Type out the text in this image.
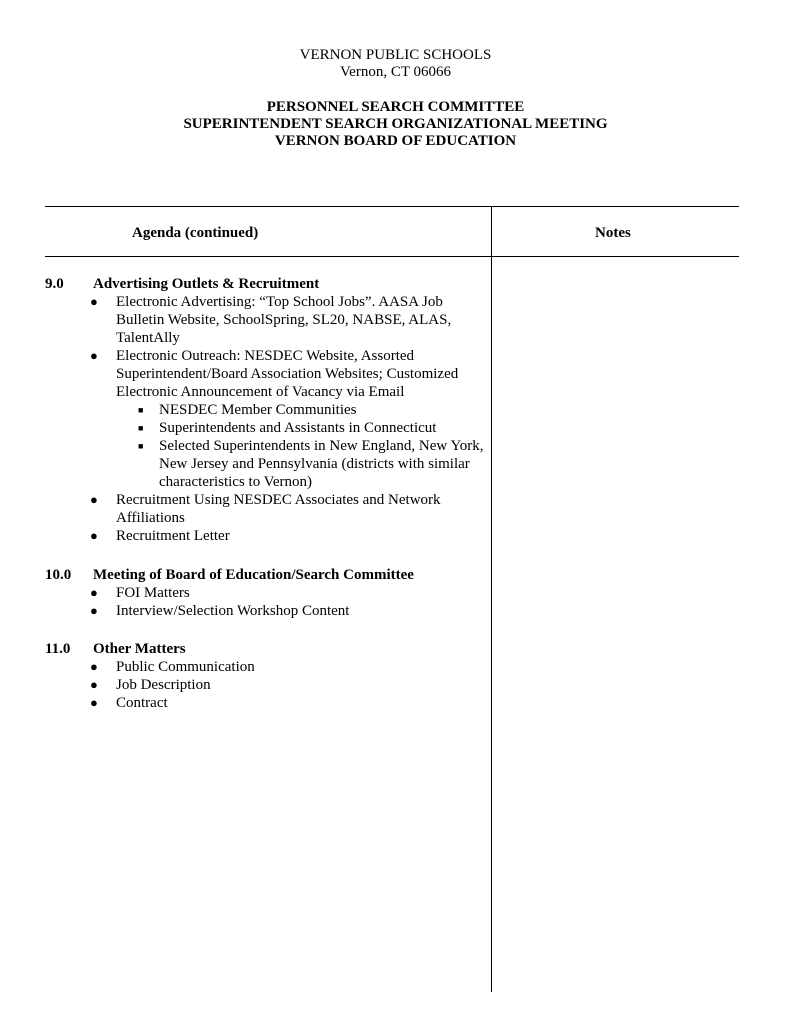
VERNON PUBLIC SCHOOLS
Vernon, CT 06066
PERSONNEL SEARCH COMMITTEE
SUPERINTENDENT SEARCH ORGANIZATIONAL MEETING
VERNON BOARD OF EDUCATION
Agenda (continued)	Notes
9.0 Advertising Outlets & Recruitment

● Electronic Advertising: “Top School Jobs”. AASA Job Bulletin Website, SchoolSpring, SL20, NABSE, ALAS, TalentAlly
● Electronic Outreach: NESDEC Website, Assorted Superintendent/Board Association Websites; Customized Electronic Announcement of Vacancy via Email
■ NESDEC Member Communities
■ Superintendents and Assistants in Connecticut
■ Selected Superintendents in New England, New York, New Jersey and Pennsylvania (districts with similar characteristics to Vernon)
● Recruitment Using NESDEC Associates and Network Affiliations
● Recruitment Letter
10.0 Meeting of Board of Education/Search Committee

● FOI Matters
● Interview/Selection Workshop Content
11.0 Other Matters

● Public Communication
● Job Description
● Contract
